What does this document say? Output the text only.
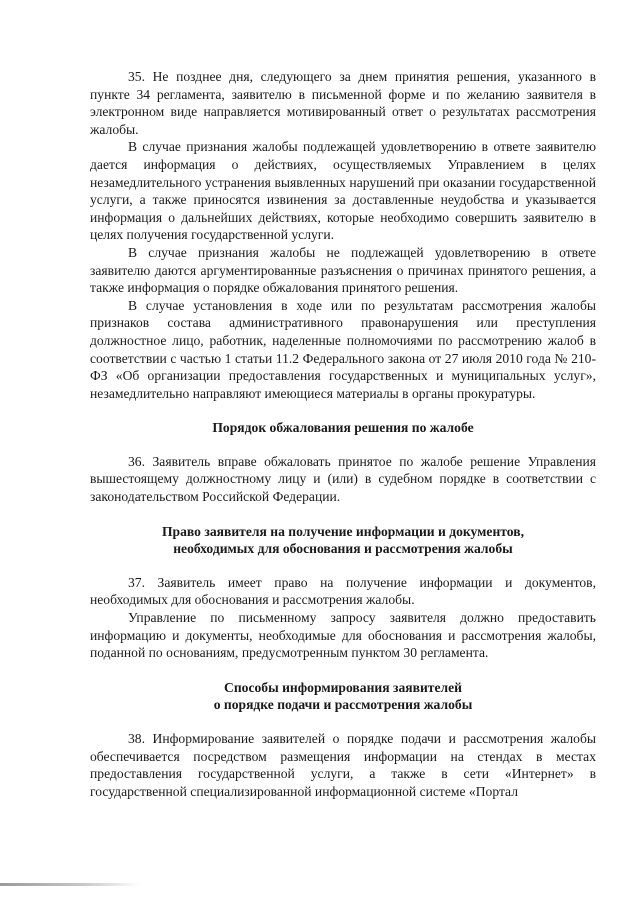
35. Не позднее дня, следующего за днем принятия решения, указанного в пункте 34 регламента, заявителю в письменной форме и по желанию заявителя в электронном виде направляется мотивированный ответ о результатах рассмотрения жалобы.

В случае признания жалобы подлежащей удовлетворению в ответе заявителю дается информация о действиях, осуществляемых Управлением в целях незамедлительного устранения выявленных нарушений при оказании государственной услуги, а также приносятся извинения за доставленные неудобства и указывается информация о дальнейших действиях, которые необходимо совершить заявителю в целях получения государственной услуги.

В случае признания жалобы не подлежащей удовлетворению в ответе заявителю даются аргументированные разъяснения о причинах принятого решения, а также информация о порядке обжалования принятого решения.

В случае установления в ходе или по результатам рассмотрения жалобы признаков состава административного правонарушения или преступления должностное лицо, работник, наделенные полномочиями по рассмотрению жалоб в соответствии с частью 1 статьи 11.2 Федерального закона от 27 июля 2010 года № 210-ФЗ «Об организации предоставления государственных и муниципальных услуг», незамедлительно направляют имеющиеся материалы в органы прокуратуры.

Порядок обжалования решения по жалобе

36. Заявитель вправе обжаловать принятое по жалобе решение Управления вышестоящему должностному лицу и (или) в судебном порядке в соответствии с законодательством Российской Федерации.

Право заявителя на получение информации и документов,

необходимых для обоснования и рассмотрения жалобы

37. Заявитель имеет право на получение информации и документов, необходимых для обоснования и рассмотрения жалобы.

Управление по письменному запросу заявителя должно предоставить информацию и документы, необходимые для обоснования и рассмотрения жалобы, поданной по основаниям, предусмотренным пунктом 30 регламента.

Способы информирования заявителей

о порядке подачи и рассмотрения жалобы

38. Информирование заявителей о порядке подачи и рассмотрения жалобы обеспечивается посредством размещения информации на стендах в местах предоставления государственной услуги, а также в сети «Интернет» в государственной специализированной информационной системе «Портал
